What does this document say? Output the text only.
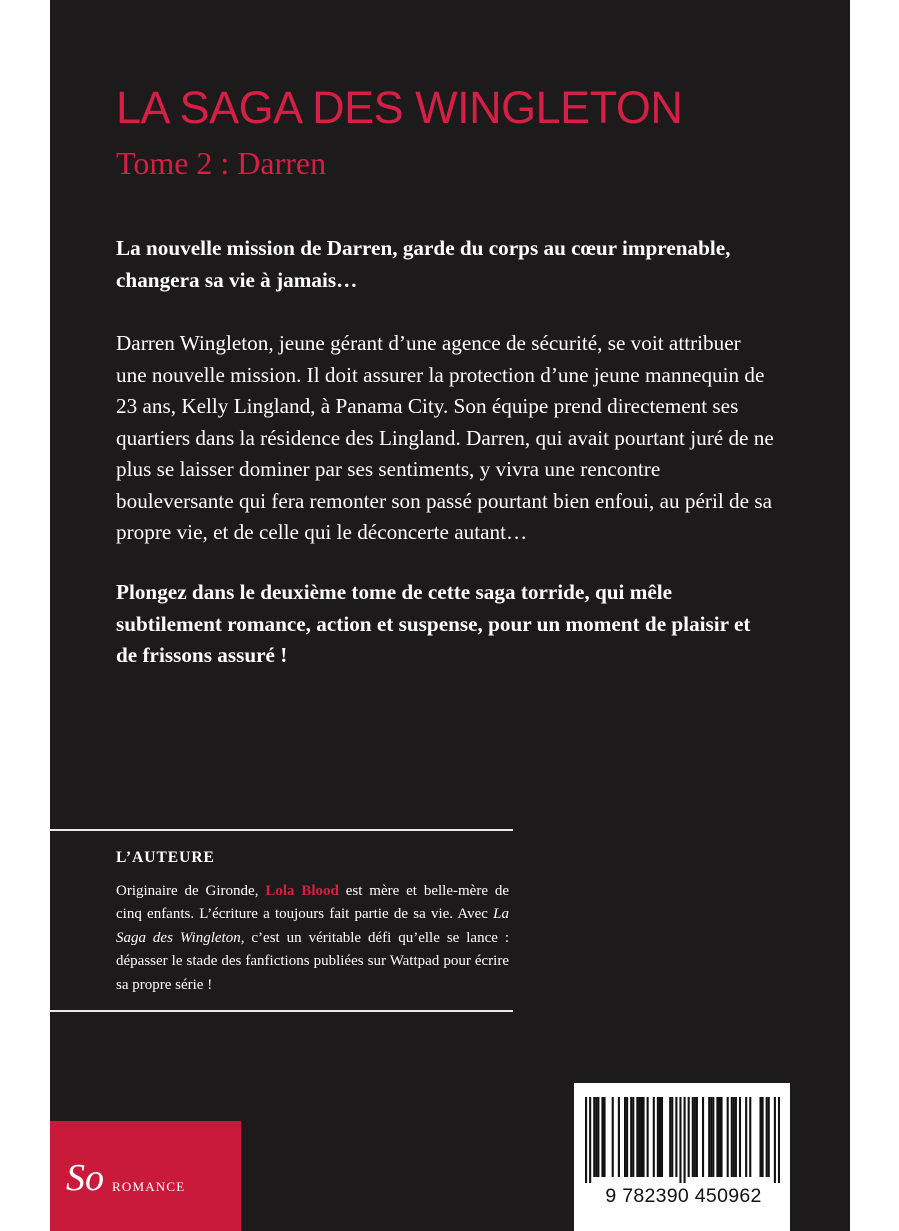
LA SAGA DES WINGLETON
Tome 2 : Darren

La nouvelle mission de Darren, garde du corps au cœur imprenable, changera sa vie à jamais…

Darren Wingleton, jeune gérant d’une agence de sécurité, se voit attribuer une nouvelle mission. Il doit assurer la protection d’une jeune mannequin de 23 ans, Kelly Lingland, à Panama City. Son équipe prend directement ses quartiers dans la résidence des Lingland. Darren, qui avait pourtant juré de ne plus se laisser dominer par ses sentiments, y vivra une rencontre bouleversante qui fera remonter son passé pourtant bien enfoui, au péril de sa propre vie, et de celle qui le déconcerte autant…

Plongez dans le deuxième tome de cette saga torride, qui mêle subtilement romance, action et suspense, pour un moment de plaisir et de frissons assuré !

L’AUTEURE

Originaire de Gironde, Lola Blood est mère et belle-mère de cinq enfants. L’écriture a toujours fait partie de sa vie. Avec La Saga des Wingleton, c’est un véritable défi qu’elle se lance : dépasser le stade des fanfictions publiées sur Wattpad pour écrire sa propre série !

So ROMANCE	9 782390 450962
